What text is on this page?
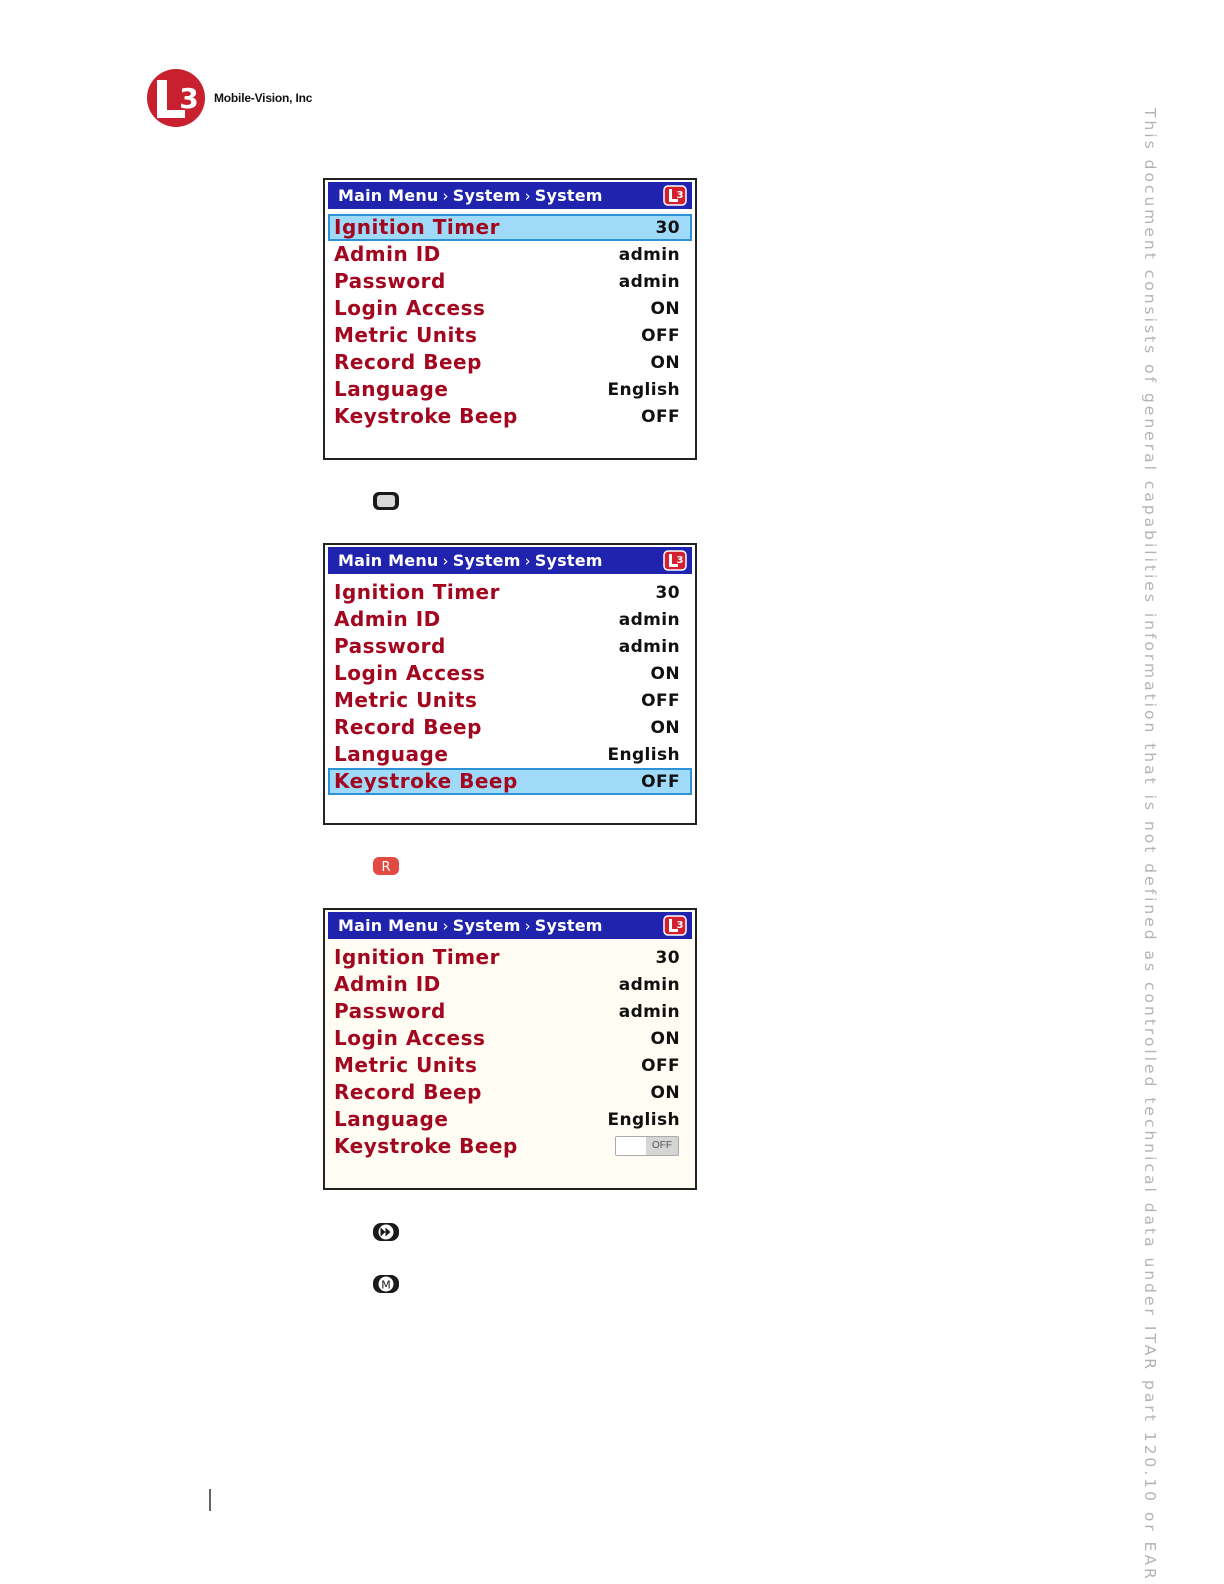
3 Mobile-Vision, Inc
This document consists of general capabilities information that is not defined as controlled technical data under ITAR part 120.10 or EAR
Main Menu › System › System	3
Ignition Timer	30
Admin ID	admin
Password	admin
Login Access	ON
Metric Units	OFF
Record Beep	ON
Language	English
Keystroke Beep	OFF
Main Menu › System › System	3
Ignition Timer	30
Admin ID	admin
Password	admin
Login Access	ON
Metric Units	OFF
Record Beep	ON
Language	English
Keystroke Beep	OFF
R
Main Menu › System › System	3
Ignition Timer	30
Admin ID	admin
Password	admin
Login Access	ON
Metric Units	OFF
Record Beep	ON
Language	English
Keystroke Beep	OFF
M
